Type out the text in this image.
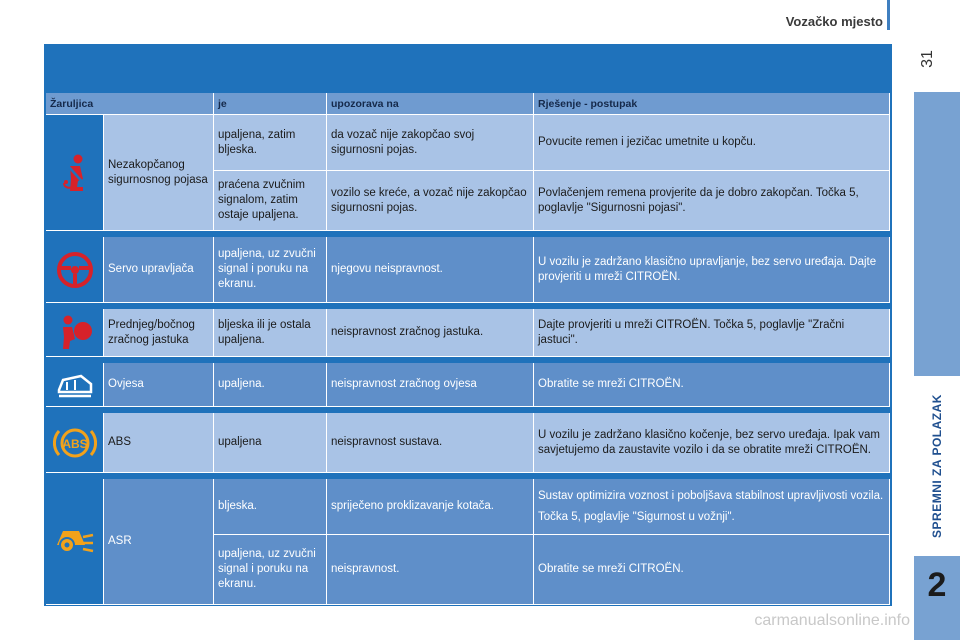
Vozačko mjesto
31
SPREMNI ZA POLAZAK
2
Žaruljica		je	upozorava na	Rješenje - postupak
	Nezakopčanog sigurnosnog pojasa	upaljena, zatim bljeska.	da vozač nije zakopčao svoj sigurnosni pojas.	Povucite remen i jezičac umetnite u kopču.
		praćena zvučnim signalom, zatim ostaje upaljena.	vozilo se kreće, a vozač nije zakopčao sigurnosni pojas.	Povlačenjem remena provjerite da je dobro zakopčan. Točka 5, poglavlje "Sigurnosni pojasi".

	Servo upravljača	upaljena, uz zvučni signal i poruku na ekranu.	njegovu neispravnost.	U vozilu je zadržano klasično upravljanje, bez servo uređaja. Dajte provjeriti u mreži CITROËN.

	Prednjeg/bočnog zračnog jastuka	bljeska ili je ostala upaljena.	neispravnost zračnog jastuka.	Dajte provjeriti u mreži CITROËN. Točka 5, poglavlje "Zračni jastuci".

	Ovjesa	upaljena.	neispravnost zračnog ovjesa	Obratite se mreži CITROËN.

ABS	ABS	upaljena	neispravnost sustava.	U vozilu je zadržano klasično kočenje, bez servo uređaja. Ipak vam savjetujemo da zaustavite vozilo i da se obratite mreži CITROËN.

	ASR	bljeska.	spriječeno proklizavanje kotača.	Sustav optimizira voznost i poboljšava stabilnost upravljivosti vozila.
Točka 5, poglavlje "Sigurnost u vožnji".

		upaljena, uz zvučni signal i poruku na ekranu.	neispravnost.	Obratite se mreži CITROËN.
carmanualsonline.info
